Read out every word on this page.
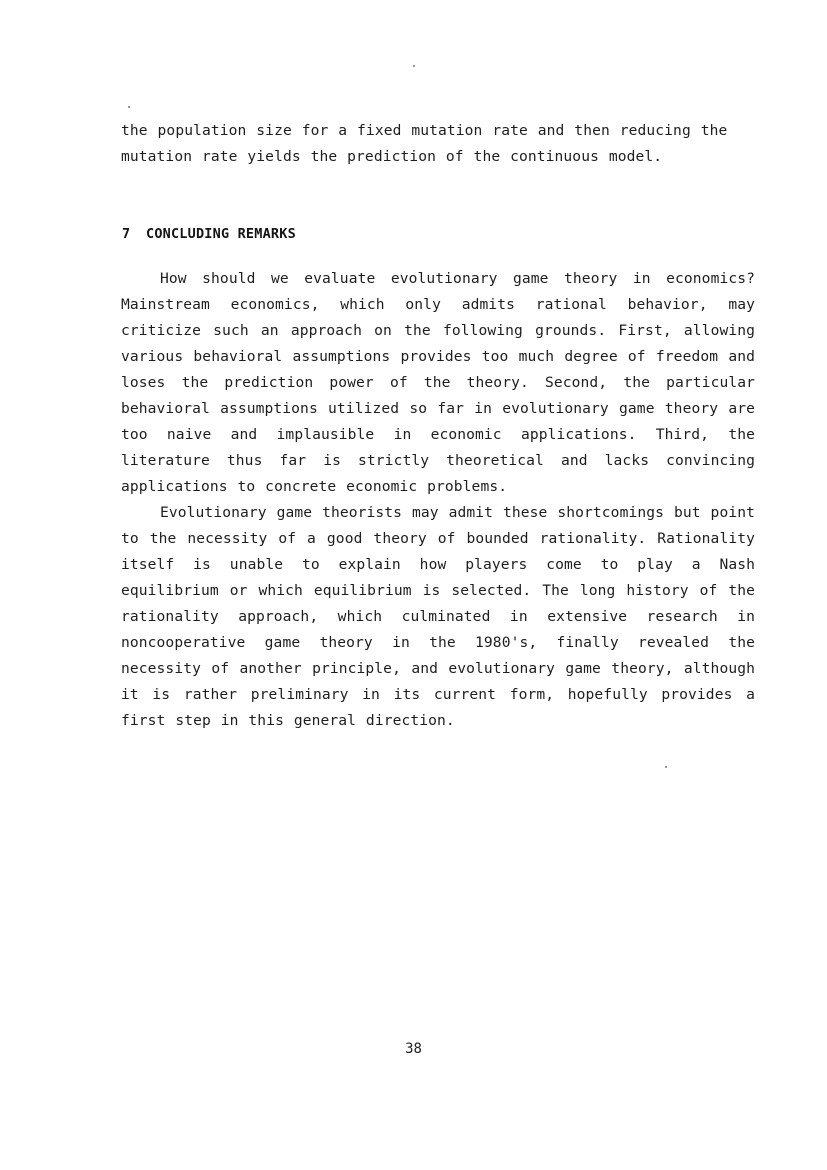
the population size for a fixed mutation rate and then reducing the
mutation rate yields the prediction of the continuous model.
7 CONCLUDING REMARKS

How should we evaluate evolutionary game theory in economics? Mainstream economics, which only admits rational behavior, may criticize such an approach on the following grounds. First, allowing various behavioral assumptions provides too much degree of freedom and loses the prediction power of the theory. Second, the particular behavioral assumptions utilized so far in evolutionary game theory are too naive and implausible in economic applications. Third, the literature thus far is strictly theoretical and lacks convincing applications to concrete economic problems.

Evolutionary game theorists may admit these shortcomings but point to the necessity of a good theory of bounded rationality. Rationality itself is unable to explain how players come to play a Nash equilibrium or which equilibrium is selected. The long history of the rationality approach, which culminated in extensive research in noncooperative game theory in the 1980's, finally revealed the necessity of another principle, and evolutionary game theory, although it is rather preliminary in its current form, hopefully provides a first step in this general direction.

38
